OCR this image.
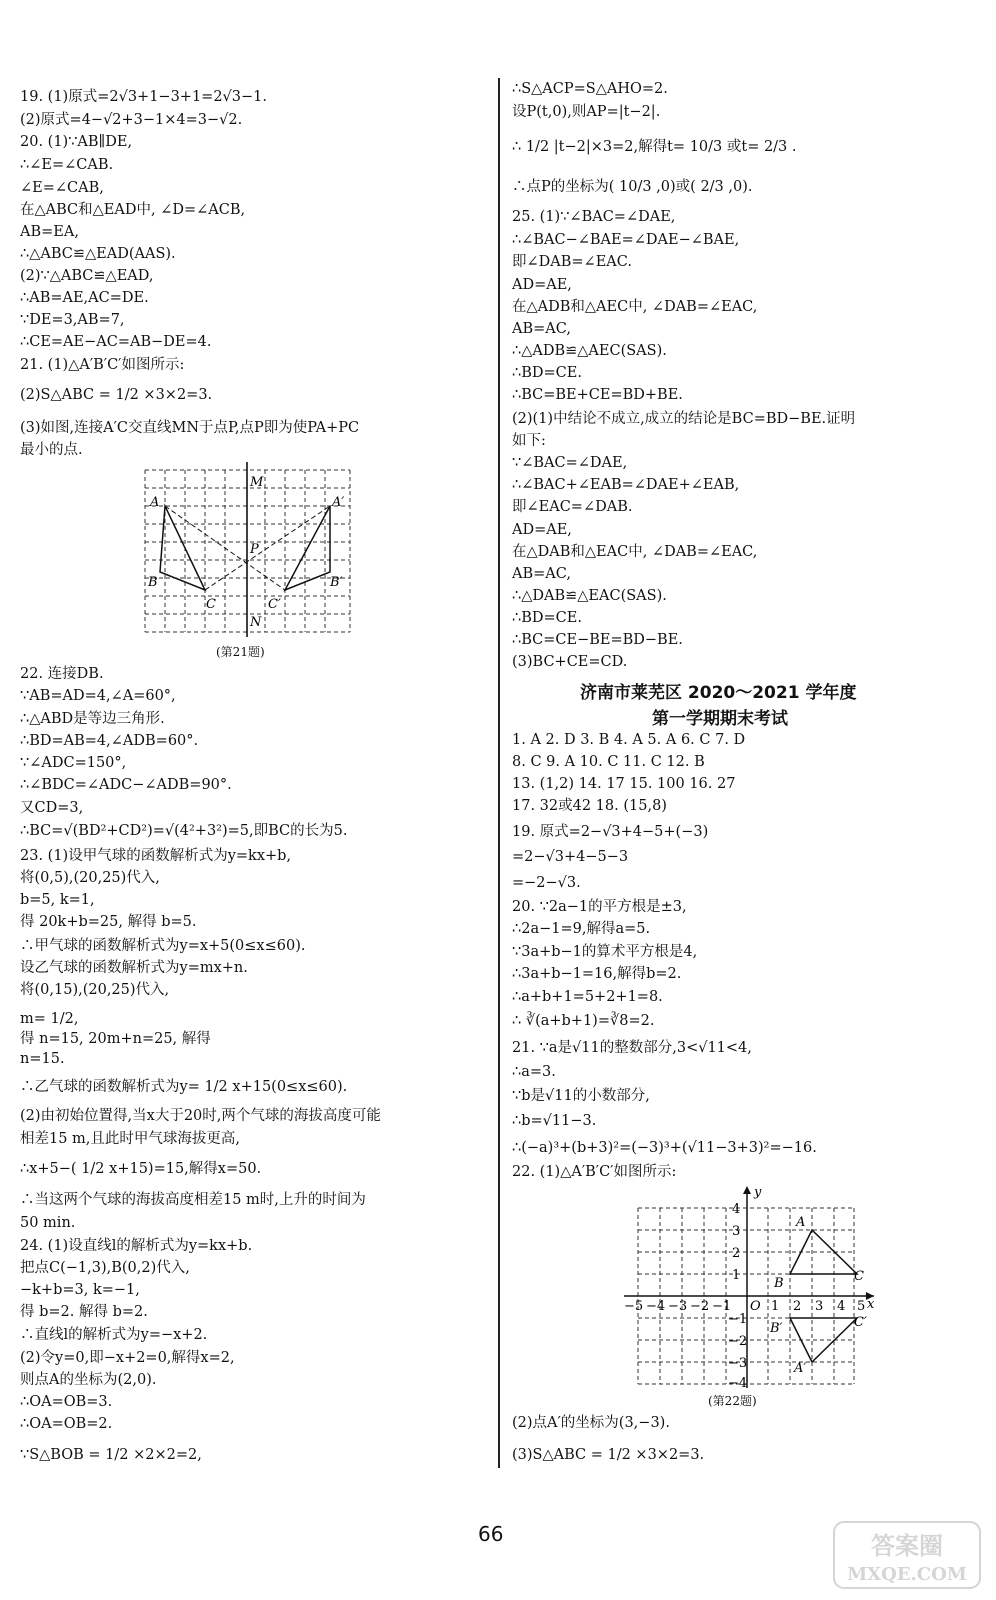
19. (1)原式=2√3+1−3+1=2√3−1.
(2)原式=4−√2+3−1×4=3−√2.
20. (1)∵AB∥DE,
∴∠E=∠CAB.
∠E=∠CAB,
在△ABC和△EAD中, ∠D=∠ACB,
AB=EA,
∴△ABC≌△EAD(AAS).
(2)∵△ABC≌△EAD,
∴AB=AE,AC=DE.
∵DE=3,AB=7,
∴CE=AE−AC=AB−DE=4.
21. (1)△A′B′C′如图所示:
(2)S△ABC = 1/2 ×3×2=3.
(3)如图,连接A′C交直线MN于点P,点P即为使PA+PC
最小的点.
22. 连接DB.
∵AB=AD=4,∠A=60°,
∴△ABD是等边三角形.
∴BD=AB=4,∠ADB=60°.
∵∠ADC=150°,
∴∠BDC=∠ADC−∠ADB=90°.
又CD=3,
∴BC=√(BD²+CD²)=√(4²+3²)=5,即BC的长为5.
23. (1)设甲气球的函数解析式为y=kx+b,
将(0,5),(20,25)代入,
b=5, k=1,
得 20k+b=25, 解得 b=5.
∴甲气球的函数解析式为y=x+5(0≤x≤60).
设乙气球的函数解析式为y=mx+n.
将(0,15),(20,25)代入,
m= 1/2,
得 n=15, 20m+n=25, 解得
n=15.
∴乙气球的函数解析式为y= 1/2 x+15(0≤x≤60).
(2)由初始位置得,当x大于20时,两个气球的海拔高度可能
相差15 m,且此时甲气球海拔更高,
∴x+5−( 1/2 x+15)=15,解得x=50.
∴当这两个气球的海拔高度相差15 m时,上升的时间为
50 min.
24. (1)设直线l的解析式为y=kx+b.
把点C(−1,3),B(0,2)代入,
−k+b=3, k=−1,
得 b=2. 解得 b=2.
∴直线l的解析式为y=−x+2.
(2)令y=0,即−x+2=0,解得x=2,
则点A的坐标为(2,0).
∴OA=OB=3.
∴OA=OB=2.
∵S△BOB = 1/2 ×2×2=2,
∴S△ACP=S△AHO=2.
设P(t,0),则AP=|t−2|.
∴ 1/2 |t−2|×3=2,解得t= 10/3 或t= 2/3 .
∴点P的坐标为( 10/3 ,0)或( 2/3 ,0).
25. (1)∵∠BAC=∠DAE,
∴∠BAC−∠BAE=∠DAE−∠BAE,
即∠DAB=∠EAC.
AD=AE,
在△ADB和△AEC中, ∠DAB=∠EAC,
AB=AC,
∴△ADB≌△AEC(SAS).
∴BD=CE.
∴BC=BE+CE=BD+BE.
(2)(1)中结论不成立,成立的结论是BC=BD−BE.证明
如下:
∵∠BAC=∠DAE,
∴∠BAC+∠EAB=∠DAE+∠EAB,
即∠EAC=∠DAB.
AD=AE,
在△DAB和△EAC中, ∠DAB=∠EAC,
AB=AC,
∴△DAB≌△EAC(SAS).
∴BD=CE.
∴BC=CE−BE=BD−BE.
(3)BC+CE=CD.
1. A 2. D 3. B 4. A 5. A 6. C 7. D
8. C 9. A 10. C 11. C 12. B
13. (1,2) 14. 17 15. 100 16. 27
17. 32或42 18. (15,8)
19. 原式=2−√3+4−5+(−3)
=2−√3+4−5−3
=−2−√3.
20. ∵2a−1的平方根是±3,
∴2a−1=9,解得a=5.
∵3a+b−1的算术平方根是4,
∴3a+b−1=16,解得b=2.
∴a+b+1=5+2+1=8.
∴ ∛(a+b+1)=∛8=2.
21. ∵a是√11的整数部分,3<√11<4,
∴a=3.
∵b是√11的小数部分,
∴b=√11−3.
∴(−a)³+(b+3)²=(−3)³+(√11−3+3)²=−16.
22. (1)△A′B′C′如图所示:
(2)点A′的坐标为(3,−3).
(3)S△ABC = 1/2 ×3×2=3.
济南市莱芜区 2020～2021 学年度
第一学期期末考试
M
N
A	A′
B	B′
C	C′
P
(第21题)
y
x
−5 −4 −3 −2 −1 O 1 2 3 4 5
4
3
2
1
−1
−2
−3
−4
A
B	C
A′
B′	C′
(第22题)
66	答案圈
MXQE.COM
